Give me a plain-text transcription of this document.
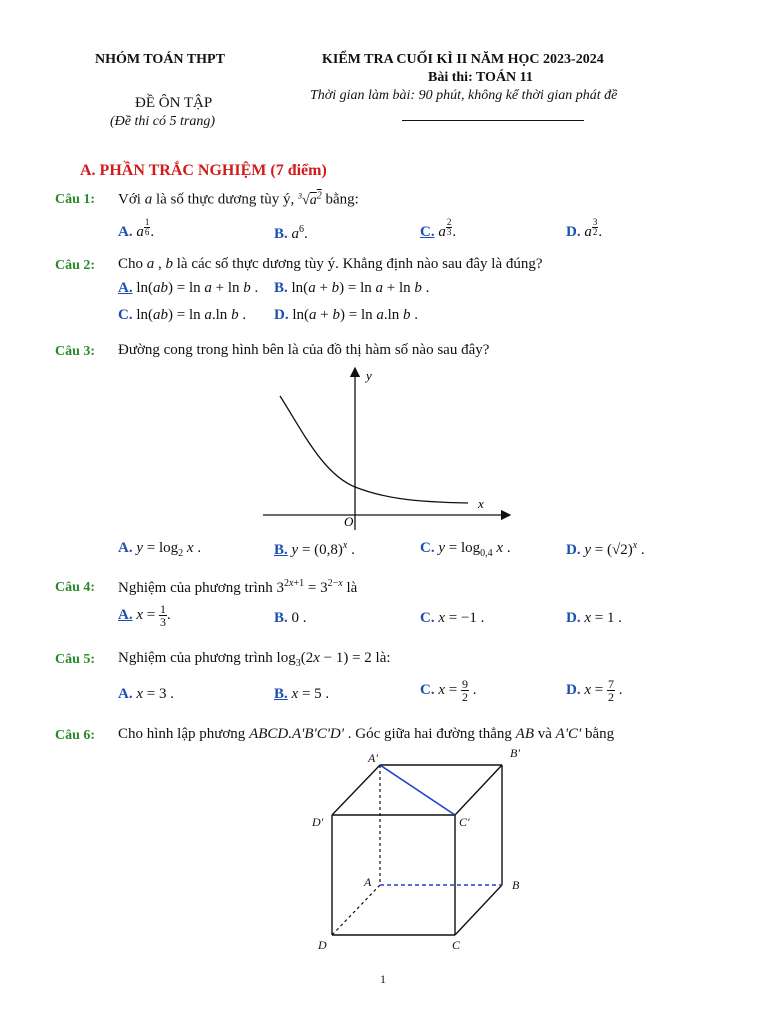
NHÓM TOÁN THPT	KIỂM TRA CUỐI KÌ II NĂM HỌC 2023-2024
Bài thi: TOÁN 11
Thời gian làm bài: 90 phút, không kể thời gian phát đề
ĐỀ ÔN TẬP
(Đề thi có 5 trang)
A. PHẦN TRẮC NGHIỆM (7 điểm)
Câu 1: Với a là số thực dương tùy ý, $^3√a^2$ bằng:
A. a $^{\frac{1}{6}}$ .	B. $a^6$.	C. a $^{\frac{2}{3}}$ .	D. a $^{\frac{3}{2}}$ .
Câu 2: Cho a , b là các số thực dương tùy ý. Khẳng định nào sau đây là đúng?
A. ln(ab) = ln a + ln b . B. ln(a + b) = ln a + ln b .
C. ln(ab) = ln a.ln b . D. ln(a + b) = ln a.ln b .
Câu 3: Đường cong trong hình bên là của đồ thị hàm số nào sau đây?
y
x
O
A. $y = \log_2 x$ .	B. $y = (0,8)^x$ .	C. $y = \log_{0,4} x$ .	D. $y = (√2)^x$ .
Câu 4: Nghiệm của phương trình $3^{2x+1} = 3^{2-x}$ là
A. $x = \frac{1}{3}$ .	B. 0 .	C. x = −1 .	D. x = 1 .
Câu 5: Nghiệm của phương trình $\log_3(2x - 1) = 2$ là:
A. x = 3 .	B. x = 5 .	C. $x = \frac{9}{2}$ .	D. $x = \frac{7}{2}$ .
Câu 6: Cho hình lập phương ABCD.A'B'C'D' . Góc giữa hai đường thẳng AB và A'C' bằng
A'	B'
C'
D'
A	B
C
D
1
